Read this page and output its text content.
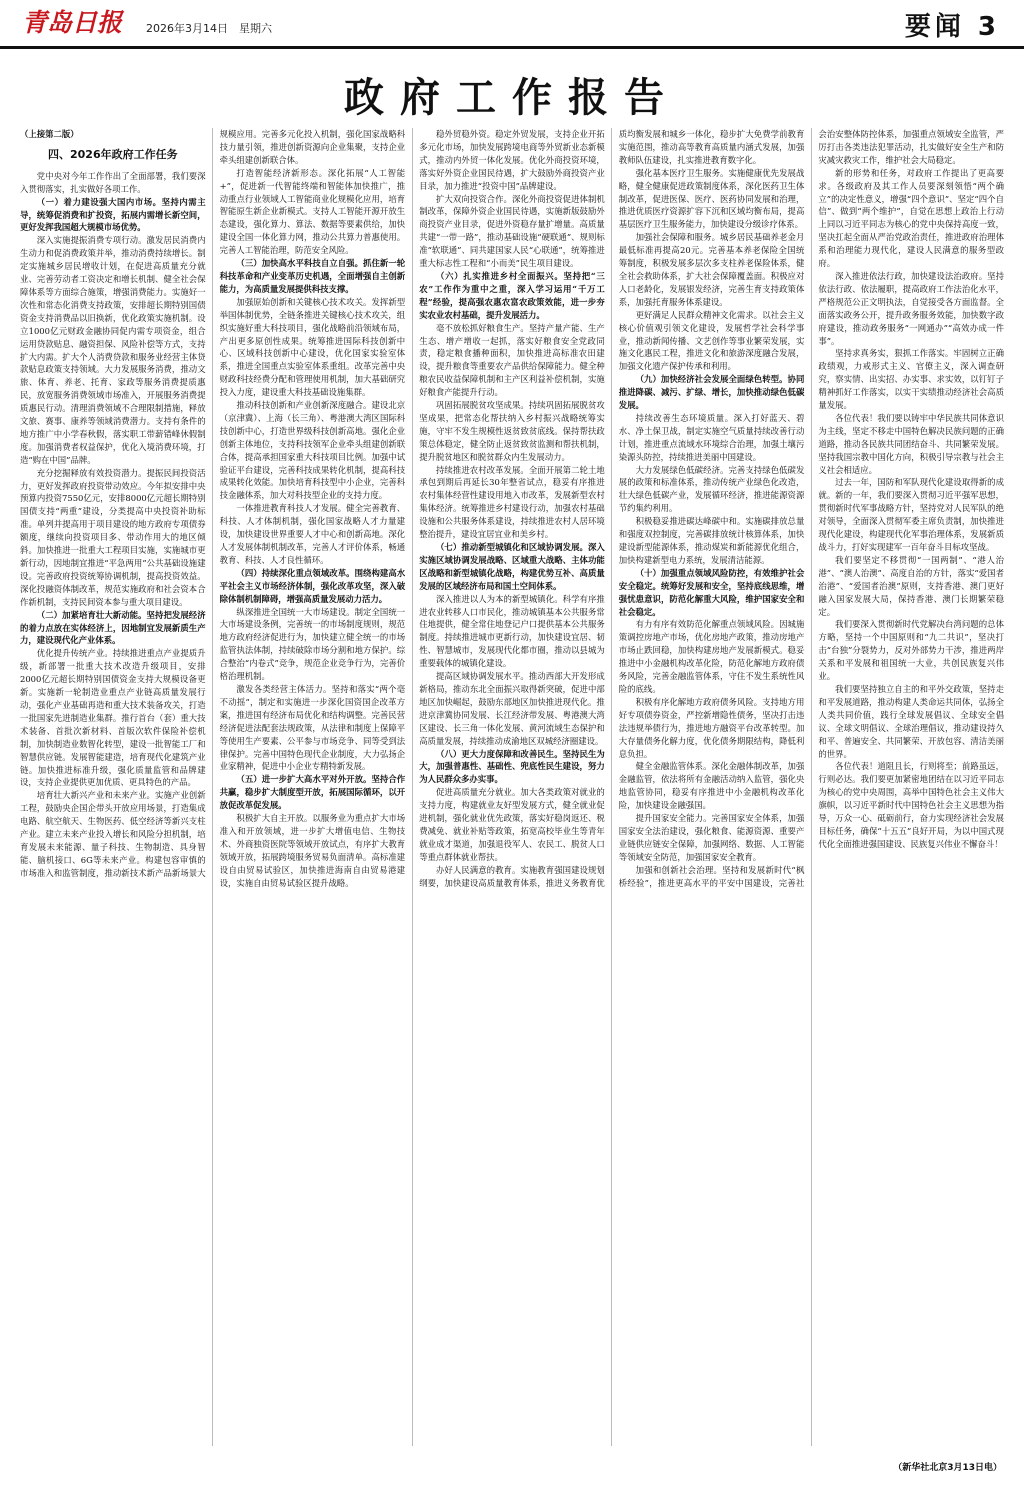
青岛日报 2026年3月14日　星期六	要闻 3
政府工作报告

（上接第二版）

四、2026年政府工作任务

党中央对今年工作作出了全面部署，我们要深入贯彻落实，扎实做好各项工作。

（一）着力建设强大国内市场。坚持内需主导，统筹促消费和扩投资，拓展内需增长新空间，更好发挥我国超大规模市场优势。

深入实施提振消费专项行动。激发居民消费内生动力和促消费政策并举，推动消费持续增长。制定实施城乡居民增收计划，在促进高质量充分就业、完善劳动者工资决定和增长机制、健全社会保障体系等方面综合施策，增强消费能力。实施好一次性和常态化消费支持政策，安排超长期特别国债资金支持消费品以旧换新，优化政策实施机制。设立1000亿元财政金融协同促内需专项资金，组合运用贷款贴息、融资担保、风险补偿等方式，支持扩大内需。扩大个人消费贷款和服务业经营主体贷款贴息政策支持领域。大力发展服务消费，推动文旅、体育、养老、托育、家政等服务消费提质惠民，放宽服务消费领域市场准入，开展服务消费提质惠民行动。清理消费领域不合理限制措施，释放文旅、赛事、康养等领域消费潜力。支持有条件的地方推广中小学春秋假，落实职工带薪错峰休假制度。加强消费者权益保护，优化入境消费环境，打造“购在中国”品牌。

充分挖掘释放有效投资潜力。提振民间投资活力，更好发挥政府投资带动效应。今年拟安排中央预算内投资7550亿元，安排8000亿元超长期特别国债支持“两重”建设，分类提高中央投资补助标准。单列并提高用于项目建设的地方政府专项债券额度，继续向投资项目多、带动作用大的地区倾斜。加快推进一批重大工程项目实施，实施城市更新行动，因地制宜推进“平急两用”公共基础设施建设。完善政府投资统筹协调机制，提高投资效益。深化投融资体制改革，规范实施政府和社会资本合作新机制，支持民间资本参与重大项目建设。

（二）加紧培育壮大新动能。坚持把发展经济的着力点放在实体经济上，因地制宜发展新质生产力，建设现代化产业体系。

优化提升传统产业。持续推进重点产业提质升级，新部署一批重大技术改造升级项目，安排2000亿元超长期特别国债资金支持大规模设备更新。实施新一轮制造业重点产业链高质量发展行动，强化产业基础再造和重大技术装备攻关，打造一批国家先进制造业集群。推行首台（套）重大技术装备、首批次新材料、首版次软件保险补偿机制，加快制造业数智化转型，建设一批智能工厂和智慧供应链。发展智能建造，培育现代化建筑产业链。加快推进标准升级，强化质量监管和品牌建设，支持企业提供更加优质、更具特色的产品。

培育壮大新兴产业和未来产业。实施产业创新工程，鼓励央企国企带头开放应用场景，打造集成电路、航空航天、生物医药、低空经济等新兴支柱产业。建立未来产业投入增长和风险分担机制，培育发展未来能源、量子科技、生物制造、具身智能、脑机接口、6G等未来产业。构建包容审慎的市场准入和监管制度，推动新技术新产品新场景大规模应用。完善多元化投入机制，强化国家战略科技力量引领，推进创新资源向企业集聚，支持企业牵头组建创新联合体。

打造智能经济新形态。深化拓展“人工智能+”，促进新一代智能终端和智能体加快推广，推动重点行业领域人工智能商业化规模化应用，培育智能原生新企业新模式。支持人工智能开源开放生态建设，强化算力、算法、数据等要素供给，加快建设全国一体化算力网，推动公共算力普惠使用。完善人工智能治理，防范安全风险。

（三）加快高水平科技自立自强。抓住新一轮科技革命和产业变革历史机遇，全面增强自主创新能力，为高质量发展提供科技支撑。

加强原始创新和关键核心技术攻关。发挥新型举国体制优势，全链条推进关键核心技术攻关，组织实施好重大科技项目，强化战略前沿领域布局，产出更多原创性成果。统筹推进国际科技创新中心、区域科技创新中心建设，优化国家实验室体系，推进全国重点实验室体系重组。改革完善中央财政科技经费分配和管理使用机制，加大基础研究投入力度，建设重大科技基础设施集群。

推动科技创新和产业创新深度融合。建设北京（京津冀）、上海（长三角）、粤港澳大湾区国际科技创新中心，打造世界级科技创新高地。强化企业创新主体地位，支持科技领军企业牵头组建创新联合体，提高承担国家重大科技项目比例。加强中试验证平台建设，完善科技成果转化机制，提高科技成果转化效能。加快培育科技型中小企业，完善科技金融体系，加大对科技型企业的支持力度。

一体推进教育科技人才发展。健全完善教育、科技、人才体制机制，强化国家战略人才力量建设，加快建设世界重要人才中心和创新高地。深化人才发展体制机制改革，完善人才评价体系，畅通教育、科技、人才良性循环。

（四）持续深化重点领域改革。围绕构建高水平社会主义市场经济体制，强化改革攻坚，深入破除体制机制障碍，增强高质量发展动力活力。

纵深推进全国统一大市场建设。制定全国统一大市场建设条例，完善统一的市场制度规则，规范地方政府经济促进行为，加快建立健全统一的市场监管执法体制，持续破除市场分割和地方保护。综合整治“内卷式”竞争，规范企业竞争行为，完善价格治理机制。

激发各类经营主体活力。坚持和落实“两个毫不动摇”，制定和实施进一步深化国资国企改革方案，推进国有经济布局优化和结构调整。完善民营经济促进法配套法规政策，从法律和制度上保障平等使用生产要素、公平参与市场竞争、同等受到法律保护。完善中国特色现代企业制度，大力弘扬企业家精神，促进中小企业专精特新发展。

（五）进一步扩大高水平对外开放。坚持合作共赢，稳步扩大制度型开放，拓展国际循环，以开放促改革促发展。

积极扩大自主开放。以服务业为重点扩大市场准入和开放领域，进一步扩大增值电信、生物技术、外商独资医院等领域开放试点，有序扩大教育领域开放，拓展跨境服务贸易负面清单。高标准建设自由贸易试验区，加快推进海南自由贸易港建设，实施自由贸易试验区提升战略。

稳外贸稳外资。稳定外贸发展，支持企业开拓多元化市场，加快发展跨境电商等外贸新业态新模式，推动内外贸一体化发展。优化外商投资环境，落实好外资企业国民待遇，扩大鼓励外商投资产业目录，加力推进“投资中国”品牌建设。

扩大双向投资合作。深化外商投资促进体制机制改革，保障外资企业国民待遇，实施新版鼓励外商投资产业目录，促进外资稳存量扩增量。高质量共建“一带一路”，推动基础设施“硬联通”、规则标准“软联通”、同共建国家人民“心联通”，统筹推进重大标志性工程和“小而美”民生项目建设。

（六）扎实推进乡村全面振兴。坚持把“三农”工作作为重中之重，深入学习运用“千万工程”经验，提高强农惠农富农政策效能，进一步夯实农业农村基础，提升发展活力。

毫不放松抓好粮食生产。坚持产量产能、生产生态、增产增收一起抓，落实好粮食安全党政同责，稳定粮食播种面积，加快推进高标准农田建设，提升粮食等重要农产品供给保障能力。健全种粮农民收益保障机制和主产区利益补偿机制，实施好粮食产能提升行动。

巩固拓展脱贫攻坚成果。持续巩固拓展脱贫攻坚成果，把常态化帮扶纳入乡村振兴战略统筹实施，守牢不发生规模性返贫致贫底线。保持帮扶政策总体稳定，健全防止返贫致贫监测和帮扶机制，提升脱贫地区和脱贫群众内生发展动力。

持续推进农村改革发展。全面开展第二轮土地承包到期后再延长30年整省试点，稳妥有序推进农村集体经营性建设用地入市改革，发展新型农村集体经济。统筹推进乡村建设行动，加强农村基础设施和公共服务体系建设，持续推进农村人居环境整治提升，建设宜居宜业和美乡村。

（七）推动新型城镇化和区域协调发展。深入实施区域协调发展战略、区域重大战略、主体功能区战略和新型城镇化战略，构建优势互补、高质量发展的区域经济布局和国土空间体系。

深入推进以人为本的新型城镇化。科学有序推进农业转移人口市民化，推动城镇基本公共服务常住地提供，健全常住地登记户口提供基本公共服务制度。持续推进城市更新行动，加快建设宜居、韧性、智慧城市，发展现代化都市圈，推动以县城为重要载体的城镇化建设。

提高区域协调发展水平。推动西部大开发形成新格局，推动东北全面振兴取得新突破，促进中部地区加快崛起，鼓励东部地区加快推进现代化。推进京津冀协同发展、长江经济带发展、粤港澳大湾区建设、长三角一体化发展、黄河流域生态保护和高质量发展，持续推动成渝地区双城经济圈建设。

（八）更大力度保障和改善民生。坚持民生为大，加强普惠性、基础性、兜底性民生建设，努力为人民群众多办实事。

促进高质量充分就业。加大各类政策对就业的支持力度，构建就业友好型发展方式，健全就业促进机制，强化就业优先政策，落实好稳岗返还、税费减免、就业补贴等政策，拓宽高校毕业生等青年就业成才渠道，加强退役军人、农民工、脱贫人口等重点群体就业帮扶。

办好人民满意的教育。实施教育强国建设规划纲要，加快建设高质量教育体系，推进义务教育优质均衡发展和城乡一体化，稳步扩大免费学前教育实施范围，推动高等教育高质量内涵式发展，加强教师队伍建设，扎实推进教育数字化。

强化基本医疗卫生服务。实施健康优先发展战略，健全健康促进政策制度体系，深化医药卫生体制改革，促进医保、医疗、医药协同发展和治理，推进优质医疗资源扩容下沉和区域均衡布局，提高基层医疗卫生服务能力，加快建设分级诊疗体系。

加强社会保障和服务。城乡居民基础养老金月最低标准再提高20元。完善基本养老保险全国统筹制度，积极发展多层次多支柱养老保险体系，健全社会救助体系，扩大社会保障覆盖面。积极应对人口老龄化，发展银发经济，完善生育支持政策体系，加强托育服务体系建设。

更好满足人民群众精神文化需求。以社会主义核心价值观引领文化建设，发展哲学社会科学事业，推动新闻传播、文艺创作等事业繁荣发展，实施文化惠民工程，推进文化和旅游深度融合发展，加强文化遗产保护传承和利用。

（九）加快经济社会发展全面绿色转型。协同推进降碳、减污、扩绿、增长，加快推动绿色低碳发展。

持续改善生态环境质量。深入打好蓝天、碧水、净土保卫战，制定实施空气质量持续改善行动计划，推进重点流域水环境综合治理，加强土壤污染源头防控，持续推进美丽中国建设。

大力发展绿色低碳经济。完善支持绿色低碳发展的政策和标准体系，推动传统产业绿色化改造，壮大绿色低碳产业，发展循环经济，推进能源资源节约集约利用。

积极稳妥推进碳达峰碳中和。实施碳排放总量和强度双控制度，完善碳排放统计核算体系，加快建设新型能源体系，推动煤炭和新能源优化组合，加快构建新型电力系统，发展清洁能源。

（十）加强重点领域风险防控，有效维护社会安全稳定。统筹好发展和安全，坚持底线思维，增强忧患意识，防范化解重大风险，维护国家安全和社会稳定。

有力有序有效防范化解重点领域风险。因城施策调控房地产市场，优化房地产政策，推动房地产市场止跌回稳，加快构建房地产发展新模式。稳妥推进中小金融机构改革化险，防范化解地方政府债务风险，完善金融监管体系，守住不发生系统性风险的底线。

积极有序化解地方政府债务风险。支持地方用好专项债券资金，严控新增隐性债务，坚决打击违法违规举债行为，推进地方融资平台改革转型。加大存量债务化解力度，优化债务期限结构，降低利息负担。

健全金融监管体系。深化金融体制改革，加强金融监管，依法将所有金融活动纳入监管，强化央地监管协同，稳妥有序推进中小金融机构改革化险，加快建设金融强国。

提升国家安全能力。完善国家安全体系，加强国家安全法治建设，强化粮食、能源资源、重要产业链供应链安全保障，加强网络、数据、人工智能等领域安全防范，加强国家安全教育。

加强和创新社会治理。坚持和发展新时代“枫桥经验”，推进更高水平的平安中国建设，完善社会治安整体防控体系，加强重点领域安全监管，严厉打击各类违法犯罪活动，扎实做好安全生产和防灾减灾救灾工作，维护社会大局稳定。

新的形势和任务，对政府工作提出了更高要求。各级政府及其工作人员要深刻领悟“两个确立”的决定性意义，增强“四个意识”、坚定“四个自信”、做到“两个维护”，自觉在思想上政治上行动上同以习近平同志为核心的党中央保持高度一致，坚决扛起全面从严治党政治责任，推进政府治理体系和治理能力现代化，建设人民满意的服务型政府。

深入推进依法行政，加快建设法治政府。坚持依法行政、依法履职，提高政府工作法治化水平，严格规范公正文明执法，自觉接受各方面监督。全面落实政务公开，提升政务服务效能，加快数字政府建设，推动政务服务“一网通办”“高效办成一件事”。

坚持求真务实，狠抓工作落实。牢固树立正确政绩观，力戒形式主义、官僚主义，深入调查研究，察实情、出实招、办实事、求实效，以钉钉子精神抓好工作落实，以实干实绩推动经济社会高质量发展。

各位代表！我们要以铸牢中华民族共同体意识为主线，坚定不移走中国特色解决民族问题的正确道路，推动各民族共同团结奋斗、共同繁荣发展。坚持我国宗教中国化方向，积极引导宗教与社会主义社会相适应。

过去一年，国防和军队现代化建设取得新的成就。新的一年，我们要深入贯彻习近平强军思想，贯彻新时代军事战略方针，坚持党对人民军队的绝对领导，全面深入贯彻军委主席负责制，加快推进现代化建设，构建现代化军事治理体系，发展新质战斗力，打好实现建军一百年奋斗目标攻坚战。

我们要坚定不移贯彻“一国两制”、“港人治港”、“澳人治澳”、高度自治的方针，落实“爱国者治港”、“爱国者治澳”原则，支持香港、澳门更好融入国家发展大局，保持香港、澳门长期繁荣稳定。

我们要深入贯彻新时代党解决台湾问题的总体方略，坚持一个中国原则和“九二共识”，坚决打击“台独”分裂势力，反对外部势力干涉，推进两岸关系和平发展和祖国统一大业，共创民族复兴伟业。

我们要坚持独立自主的和平外交政策，坚持走和平发展道路，推动构建人类命运共同体，弘扬全人类共同价值，践行全球发展倡议、全球安全倡议、全球文明倡议、全球治理倡议，推动建设持久和平、普遍安全、共同繁荣、开放包容、清洁美丽的世界。

各位代表！道阻且长，行则将至；前路虽远，行则必达。我们要更加紧密地团结在以习近平同志为核心的党中央周围，高举中国特色社会主义伟大旗帜，以习近平新时代中国特色社会主义思想为指导，万众一心、砥砺前行，奋力实现经济社会发展目标任务，确保“十五五”良好开局，为以中国式现代化全面推进强国建设、民族复兴伟业不懈奋斗！

（新华社北京3月13日电）
